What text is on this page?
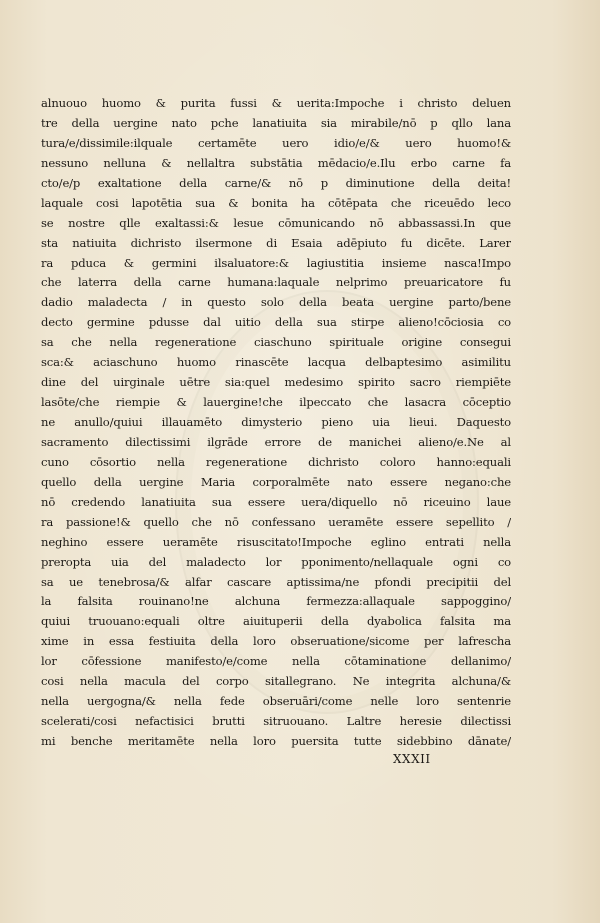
alnuouo huomo & purita fussi & uerita:Impoche i christo deluen
tre della uergine nato pche lanatiuita sia mirabile/nō p qllo lana
tura/e/dissimile:ilquale certamēte uero idio/e/& uero huomo!&
nessuno nelluna & nellaltra substātia mēdacio/e.Ilu erbo carne fa
cto/e/p exaltatione della carne/& nō p diminutione della deita!
laquale cosi lapotētia sua & bonita ha cōtēpata che riceuēdo leco
se nostre qlle exaltassi:& lesue cōmunicando nō abbassassi.In que
sta natiuita dichristo ilsermone di Esaia adēpiuto fu dicēte. Larer
ra pduca & germini ilsaluatore:& lagiustitia insieme nasca!Impo
che laterra della carne humana:laquale nelprimo preuaricatore fu
dadio maladecta / in questo solo della beata uergine parto/bene
decto germine pdusse dal uitio della sua stirpe alieno!cōciosia co
sa che nella regeneratione ciaschuno spirituale origine consegui
sca:& aciaschuno huomo rinascēte lacqua delbaptesimo asimilitu
dine del uirginale uētre sia:quel medesimo spirito sacro riempiēte
lasōte/che riempie & lauergine!che ilpeccato che lasacra cōceptio
ne anullo/quiui illauamēto dimysterio pieno uia lieui. Daquesto
sacramento dilectissimi ilgrāde errore de manichei alieno/e.Ne al
cuno cōsortio nella regeneratione dichristo coloro hanno:equali
quello della uergine Maria corporalmēte nato essere negano:che
nō credendo lanatiuita sua essere uera/diquello nō riceuino laue
ra passione!& quello che nō confessano ueramēte essere sepellito /
neghino essere ueramēte risuscitato!Impoche eglino entrati nella
preropta uia del maladecto lor pponimento/nellaquale ogni co
sa ue tenebrosa/& alfar cascare aptissima/ne pfondi precipitii del
la falsita rouinano!ne alchuna fermezza:allaquale sappoggino/
quiui truouano:equali oltre aiuituperii della dyabolica falsita ma
xime in essa festiuita della loro obseruatione/sicome per lafrescha
lor cōfessione manifesto/e/come nella cōtaminatione dellanimo/
cosi nella macula del corpo sitallegrano. Ne integrita alchuna/&
nella uergogna/& nella fede obseruāri/come nelle loro sentenrie
scelerati/cosi nefactisici brutti sitruouano. Laltre heresie dilectissi
mi benche meritamēte nella loro puersita tutte sidebbino dānate/
XXXII
